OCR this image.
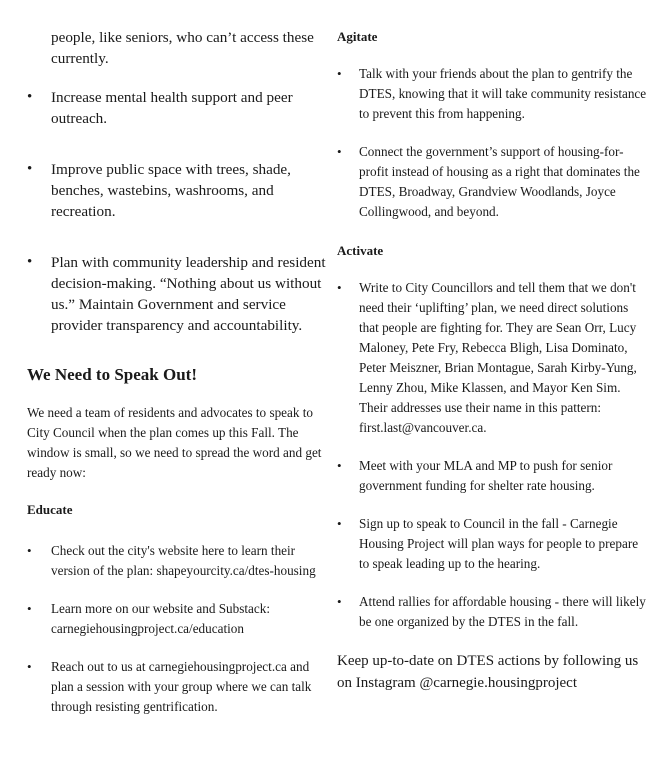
people, like seniors, who can’t access these currently.

• Increase mental health support and peer outreach.
• Improve public space with trees, shade, benches, wastebins, washrooms, and recreation.
• Plan with community leadership and resident decision-making. “Nothing about us without us.” Maintain Government and service provider transparency and accountability.
We Need to Speak Out!

We need a team of residents and advocates to speak to City Council when the plan comes up this Fall. The window is small, so we need to spread the word and get ready now:

Educate
• Check out the city's website here to learn their version of the plan: shapeyourcity.ca/dtes-housing
• Learn more on our website and Substack: carnegiehousingproject.ca/education
• Reach out to us at carnegiehousingproject.ca and plan a session with your group where we can talk through resisting gentrification.
Agitate
• Talk with your friends about the plan to gentrify the DTES, knowing that it will take community resistance to prevent this from happening.
• Connect the government’s support of housing-for-profit instead of housing as a right that dominates the DTES, Broadway, Grandview Woodlands, Joyce Collingwood, and beyond.
Activate
• Write to City Councillors and tell them that we don't need their ‘uplifting’ plan, we need direct solutions that people are fighting for. They are Sean Orr, Lucy Maloney, Pete Fry, Rebecca Bligh, Lisa Dominato, Peter Meiszner, Brian Montague, Sarah Kirby-Yung, Lenny Zhou, Mike Klassen, and Mayor Ken Sim. Their addresses use their name in this pattern: first.last@vancouver.ca.
• Meet with your MLA and MP to push for senior government funding for shelter rate housing.
• Sign up to speak to Council in the fall - Carnegie Housing Project will plan ways for people to prepare to speak leading up to the hearing.
• Attend rallies for affordable housing - there will likely be one organized by the DTES in the fall.

Keep up-to-date on DTES actions by following us on Instagram @carnegie.housingproject
